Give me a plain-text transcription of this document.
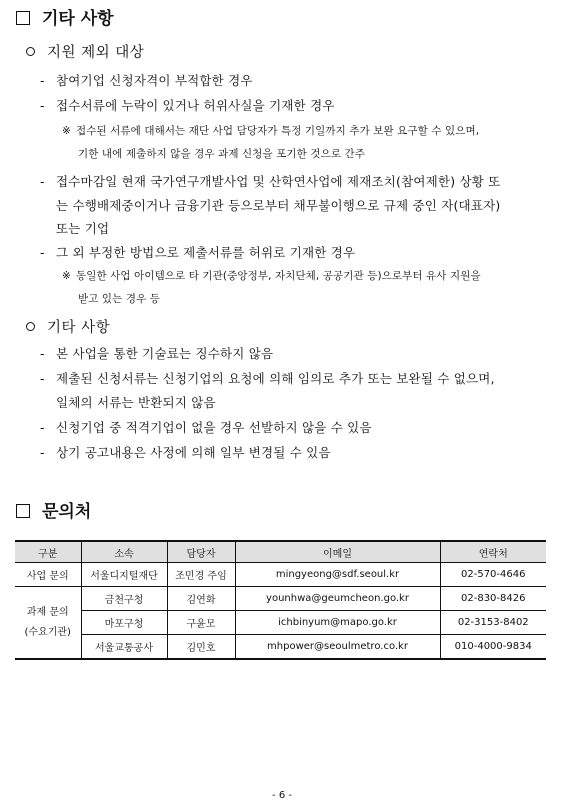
기타 사항
지원 제외 대상
- 참여기업 신청자격이 부적합한 경우
- 접수서류에 누락이 있거나 허위사실을 기재한 경우
※ 접수된 서류에 대해서는 재단 사업 담당자가 특정 기일까지 추가 보완 요구할 수 있으며,
기한 내에 제출하지 않을 경우 과제 신청을 포기한 것으로 간주
- 접수마감일 현재 국가연구개발사업 및 산학연사업에 제재조치(참여제한) 상황 또
는 수행배제중이거나 금융기관 등으로부터 채무불이행으로 규제 중인 자(대표자)
또는 기업
- 그 외 부정한 방법으로 제출서류를 허위로 기재한 경우
※ 동일한 사업 아이템으로 타 기관(중앙정부, 자치단체, 공공기관 등)으로부터 유사 지원을
받고 있는 경우 등
기타 사항
- 본 사업을 통한 기술료는 징수하지 않음
- 제출된 신청서류는 신청기업의 요청에 의해 임의로 추가 또는 보완될 수 없으며,
일체의 서류는 반환되지 않음
- 신청기업 중 적격기업이 없을 경우 선발하지 않을 수 있음
- 상기 공고내용은 사정에 의해 일부 변경될 수 있음
문의처
구분	소속	담당자	이메일	연락처
사업 문의	서울디지털재단	조민경 주임	mingyeong@sdf.seoul.kr	02-570-4646

과제 문의
(수요기관)	금천구청	김연화	younhwa@geumcheon.go.kr	02-830-8426
	마포구청	구윤모	ichbinyum@mapo.go.kr	02-3153-8402
	서울교통공사	김민호	mhpower@seoulmetro.co.kr	010-4000-9834
- 6 -
